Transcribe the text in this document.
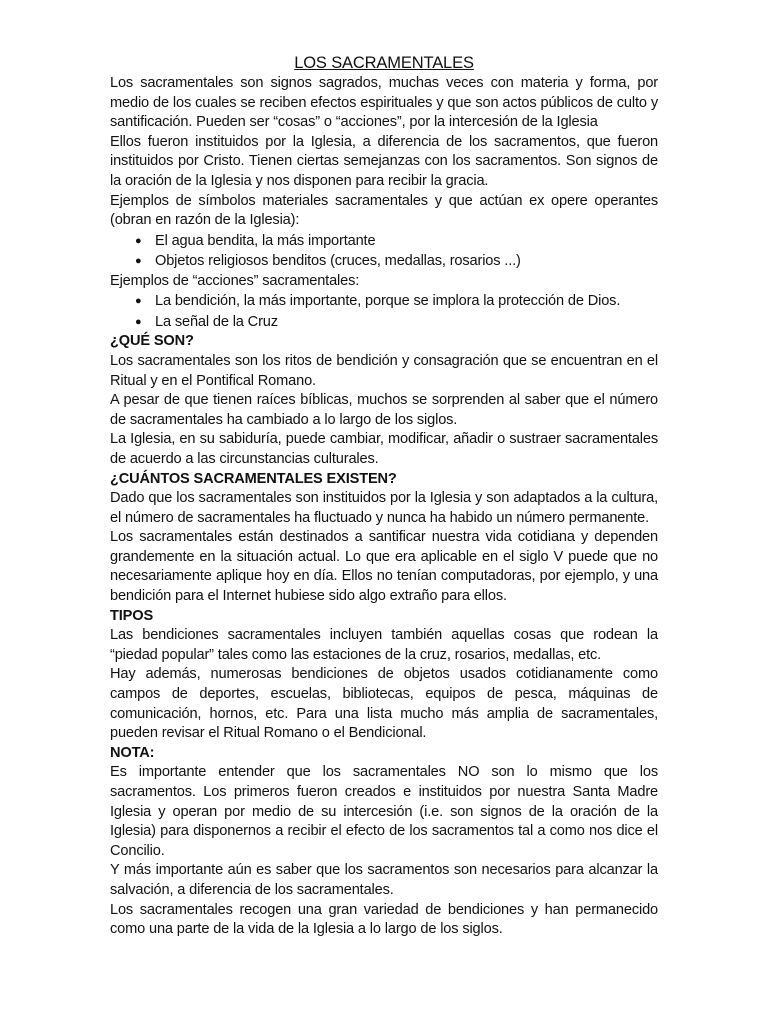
LOS SACRAMENTALES

Los sacramentales son signos sagrados, muchas veces con materia y forma, por medio de los cuales se reciben efectos espirituales y que son actos públicos de culto y santificación. Pueden ser “cosas” o “acciones”, por la intercesión de la Iglesia

Ellos fueron instituidos por la Iglesia, a diferencia de los sacramentos, que fueron instituidos por Cristo. Tienen ciertas semejanzas con los sacramentos. Son signos de la oración de la Iglesia y nos disponen para recibir la gracia.

Ejemplos de símbolos materiales sacramentales y que actúan ex opere operantes (obran en razón de la Iglesia):

● El agua bendita, la más importante
● Objetos religiosos benditos (cruces, medallas, rosarios ...)

Ejemplos de “acciones” sacramentales:

● La bendición, la más importante, porque se implora la protección de Dios.
● La señal de la Cruz
¿QUÉ SON?

Los sacramentales son los ritos de bendición y consagración que se encuentran en el Ritual y en el Pontifical Romano.

A pesar de que tienen raíces bíblicas, muchos se sorprenden al saber que el número de sacramentales ha cambiado a lo largo de los siglos.

La Iglesia, en su sabiduría, puede cambiar, modificar, añadir o sustraer sacramentales de acuerdo a las circunstancias culturales.

¿CUÁNTOS SACRAMENTALES EXISTEN?

Dado que los sacramentales son instituidos por la Iglesia y son adaptados a la cultura, el número de sacramentales ha fluctuado y nunca ha habido un número permanente.

Los sacramentales están destinados a santificar nuestra vida cotidiana y dependen grandemente en la situación actual. Lo que era aplicable en el siglo V puede que no necesariamente aplique hoy en día. Ellos no tenían computadoras, por ejemplo, y una bendición para el Internet hubiese sido algo extraño para ellos.

TIPOS

Las bendiciones sacramentales incluyen también aquellas cosas que rodean la “piedad popular” tales como las estaciones de la cruz, rosarios, medallas, etc.

Hay además, numerosas bendiciones de objetos usados cotidianamente como campos de deportes, escuelas, bibliotecas, equipos de pesca, máquinas de comunicación, hornos, etc. Para una lista mucho más amplia de sacramentales, pueden revisar el Ritual Romano o el Bendicional.

NOTA:

Es importante entender que los sacramentales NO son lo mismo que los sacramentos. Los primeros fueron creados e instituidos por nuestra Santa Madre Iglesia y operan por medio de su intercesión (i.e. son signos de la oración de la Iglesia) para disponernos a recibir el efecto de los sacramentos tal a como nos dice el Concilio.

Y más importante aún es saber que los sacramentos son necesarios para alcanzar la salvación, a diferencia de los sacramentales.

Los sacramentales recogen una gran variedad de bendiciones y han permanecido como una parte de la vida de la Iglesia a lo largo de los siglos.
